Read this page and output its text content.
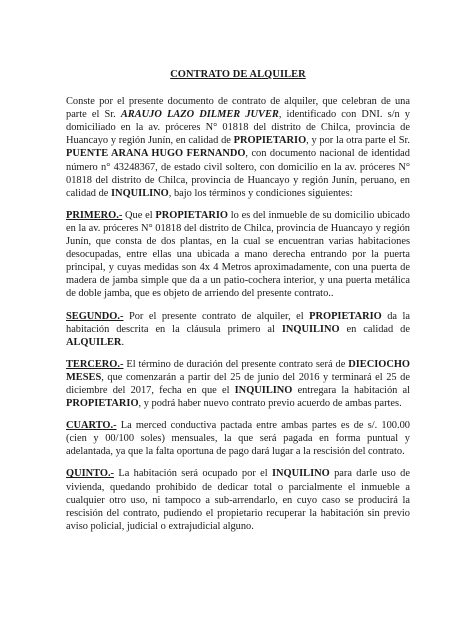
CONTRATO DE ALQUILER

Conste por el presente documento de contrato de alquiler, que celebran de una parte el Sr. ARAUJO LAZO DILMER JUVER, identificado con DNI. s/n y domiciliado en la av. próceres N° 01818 del distrito de Chilca, provincia de Huancayo y región Junín, en calidad de PROPIETARIO, y por la otra parte el Sr. PUENTE ARANA HUGO FERNANDO, con documento nacional de identidad número n° 43248367, de estado civil soltero, con domicilio en la av. próceres N° 01818 del distrito de Chilca, provincia de Huancayo y región Junín, peruano, en calidad de INQUILINO, bajo los términos y condiciones siguientes:

PRIMERO.- Que el PROPIETARIO lo es del inmueble de su domicilio ubicado en la av. próceres N° 01818 del distrito de Chilca, provincia de Huancayo y región Junín, que consta de dos plantas, en la cual se encuentran varias habitaciones desocupadas, entre ellas una ubicada a mano derecha entrando por la puerta principal, y cuyas medidas son 4x 4 Metros aproximadamente, con una puerta de madera de jamba simple que da a un patio-cochera interior, y una puerta metálica de doble jamba, que es objeto de arriendo del presente contrato..

SEGUNDO.- Por el presente contrato de alquiler, el PROPIETARIO da la habitación descrita en la cláusula primero al INQUILINO en calidad de ALQUILER.

TERCERO.- El término de duración del presente contrato será de DIECIOCHO MESES, que comenzarán a partir del 25 de junio del 2016 y terminará el 25 de diciembre del 2017, fecha en que el INQUILINO entregara la habitación al PROPIETARIO, y podrá haber nuevo contrato previo acuerdo de ambas partes.

CUARTO.- La merced conductiva pactada entre ambas partes es de s/. 100.00 (cien y 00/100 soles) mensuales, la que será pagada en forma puntual y adelantada, ya que la falta oportuna de pago dará lugar a la rescisión del contrato.

QUINTO.- La habitación será ocupado por el INQUILINO para darle uso de vivienda, quedando prohibido de dedicar total o parcialmente el inmueble a cualquier otro uso, ni tampoco a sub-arrendarlo, en cuyo caso se producirá la rescisión del contrato, pudiendo el propietario recuperar la habitación sin previo aviso policial, judicial o extrajudicial alguno.
